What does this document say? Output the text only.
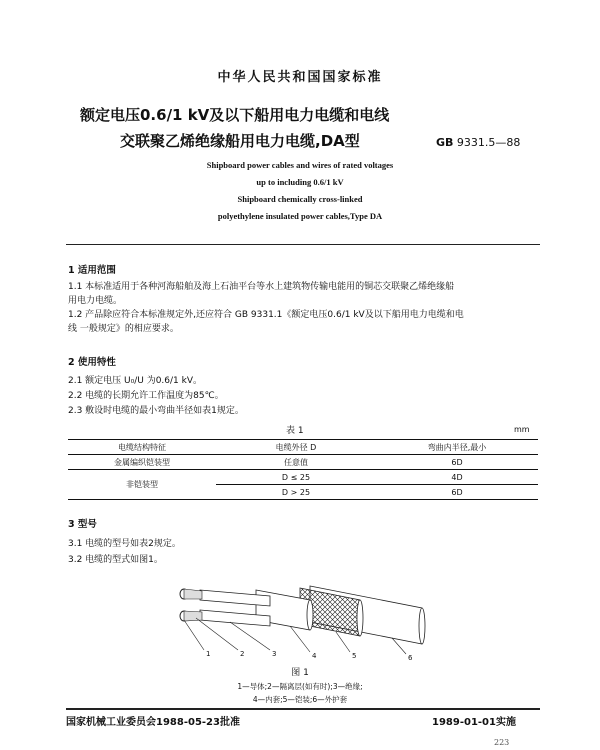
中华人民共和国国家标准
额定电压0.6/1 kV及以下船用电力电缆和电线
交联聚乙烯绝缘船用电力电缆,DA型	GB 9331.5—88
Shipboard power cables and wires of rated voltages
up to including 0.6/1 kV
Shipboard chemically cross-linked
polyethylene insulated power cables,Type DA
1 适用范围
1.1 本标准适用于各种河海船舶及海上石油平台等水上建筑物传输电能用的铜芯交联聚乙烯绝缘船
用电力电缆。
1.2 产品除应符合本标准规定外,还应符合 GB 9331.1《额定电压0.6/1 kV及以下船用电力电缆和电
线 一般规定》的相应要求。
2 使用特性
2.1 额定电压 U₀/U 为0.6/1 kV。
2.2 电缆的长期允许工作温度为85℃。
2.3 敷设时电缆的最小弯曲半径如表1规定。
表 1	mm
电缆结构特征	电缆外径 D	弯曲内半径,最小
金属编织铠装型	任意值	6D
非铠装型	D ≤ 25	4D
	D > 25	6D
3 型号
3.1 电缆的型号如表2规定。
3.2 电缆的型式如图1。
1	2	3	4	5	6
图 1
1—导体;2—隔离层(如有时);3—绝缘;
4—内套;5—铠装;6—外护套
国家机械工业委员会1988-05-23批准	1989-01-01实施
223
